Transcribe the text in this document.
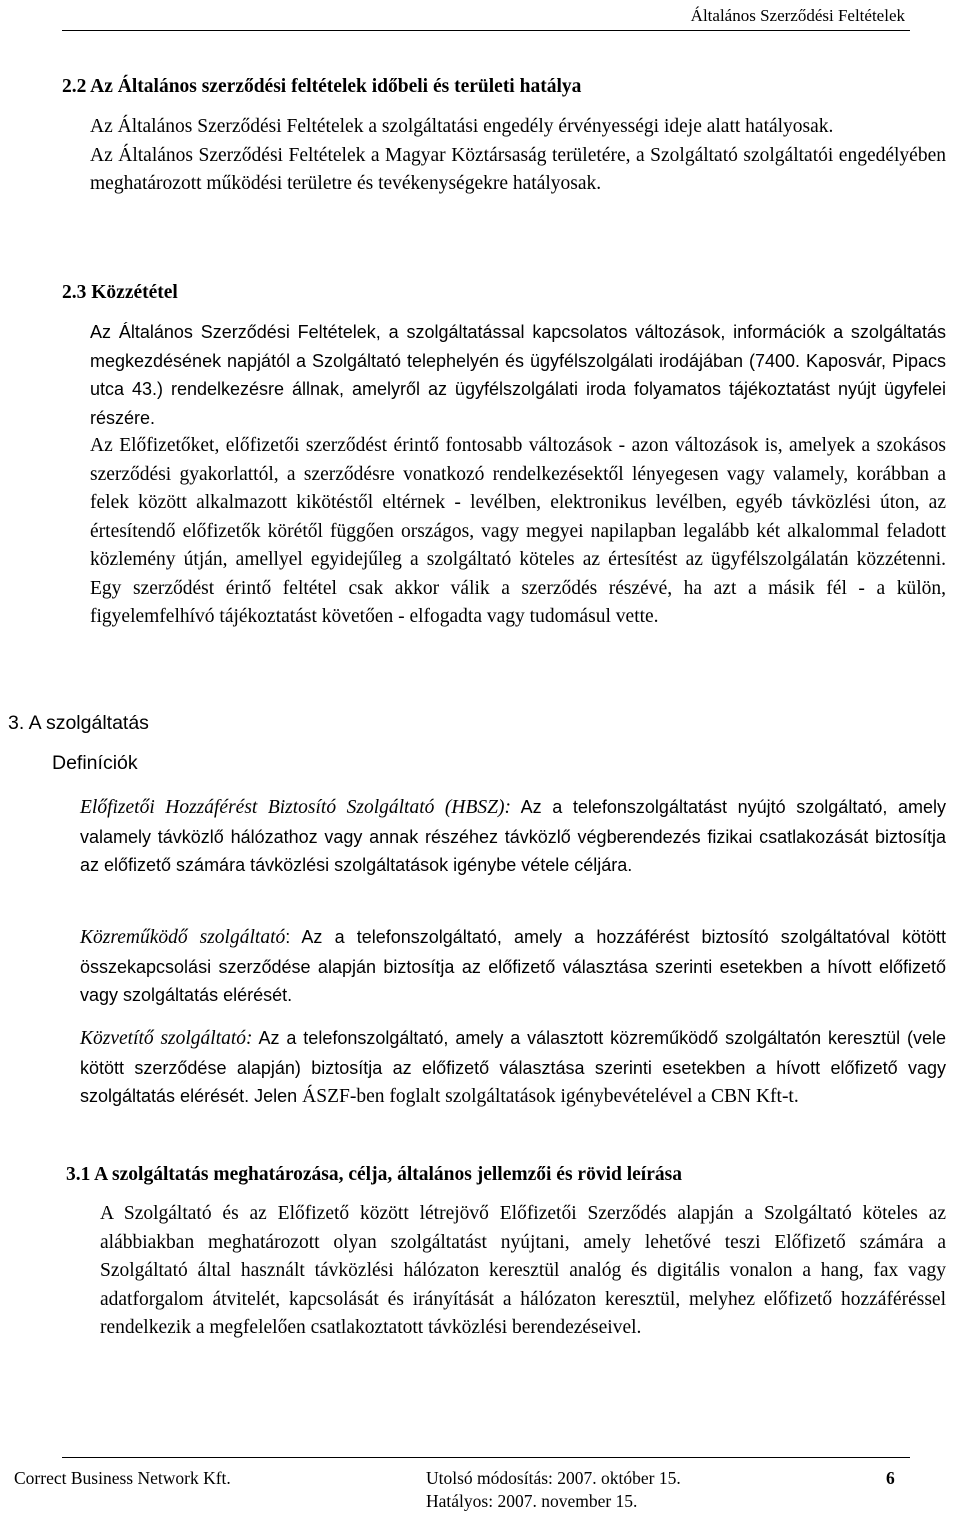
Általános Szerződési Feltételek
2.2 Az Általános szerződési feltételek időbeli és területi hatálya

Az Általános Szerződési Feltételek a szolgáltatási engedély érvényességi ideje alatt hatályosak.

Az Általános Szerződési Feltételek a Magyar Köztársaság területére, a Szolgáltató szolgáltatói engedélyében meghatározott működési területre és tevékenységekre hatályosak.

2.3 Közzététel

Az Általános Szerződési Feltételek, a szolgáltatással kapcsolatos változások, információk a szolgáltatás megkezdésének napjától a Szolgáltató telephelyén és ügyfélszolgálati irodájában (7400. Kaposvár, Pipacs utca 43.) rendelkezésre állnak, amelyről az ügyfélszolgálati iroda folyamatos tájékoztatást nyújt ügyfelei részére.

Az Előfizetőket, előfizetői szerződést érintő fontosabb változások - azon változások is, amelyek a szokásos szerződési gyakorlattól, a szerződésre vonatkozó rendelkezésektől lényegesen vagy valamely, korábban a felek között alkalmazott kikötéstől eltérnek - levélben, elektronikus levélben, egyéb távközlési úton, az értesítendő előfizetők körétől függően országos, vagy megyei napilapban legalább két alkalommal feladott közlemény útján, amellyel egyidejűleg a szolgáltató köteles az értesítést az ügyfélszolgálatán közzétenni. Egy szerződést érintő feltétel csak akkor válik a szerződés részévé, ha azt a másik fél - a külön, figyelemfelhívó tájékoztatást követően - elfogadta vagy tudomásul vette.

3. A szolgáltatás
Definíciók

Előfizetői Hozzáférést Biztosító Szolgáltató (HBSZ): Az a telefonszolgáltatást nyújtó szolgáltató, amely valamely távközlő hálózathoz vagy annak részéhez távközlő végberendezés fizikai csatlakozását biztosítja az előfizető számára távközlési szolgáltatások igénybe vétele céljára.

Közreműködő szolgáltató: Az a telefonszolgáltató, amely a hozzáférést biztosító szolgáltatóval kötött összekapcsolási szerződése alapján biztosítja az előfizető választása szerinti esetekben a hívott előfizető vagy szolgáltatás elérését.

Közvetítő szolgáltató: Az a telefonszolgáltató, amely a választott közreműködő szolgáltatón keresztül (vele kötött szerződése alapján) biztosítja az előfizető választása szerinti esetekben a hívott előfizető vagy szolgáltatás elérését. Jelen ÁSZF-ben foglalt szolgáltatások igénybevételével a CBN Kft-t.

3.1 A szolgáltatás meghatározása, célja, általános jellemzői és rövid leírása

A Szolgáltató és az Előfizető között létrejövő Előfizetői Szerződés alapján a Szolgáltató köteles az alábbiakban meghatározott olyan szolgáltatást nyújtani, amely lehetővé teszi Előfizető számára a Szolgáltató által használt távközlési hálózaton keresztül analóg és digitális vonalon a hang, fax vagy adatforgalom átvitelét, kapcsolását és irányítását a hálózaton keresztül, melyhez előfizető hozzáféréssel rendelkezik a megfelelően csatlakoztatott távközlési berendezéseivel.

Correct Business Network Kft.	Utolsó módosítás: 2007. október 15.
Hatályos: 2007. november 15.
6
